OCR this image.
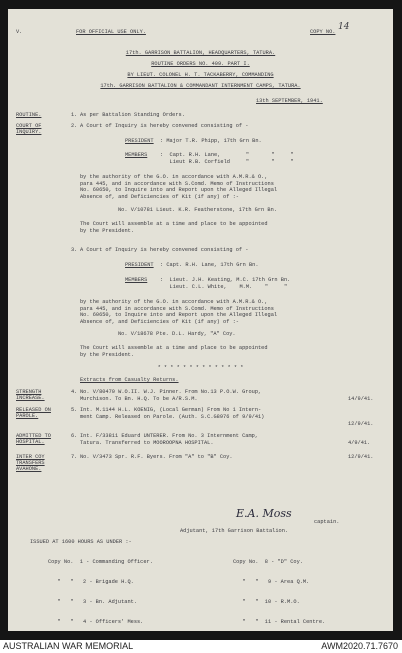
V.	FOR OFFICIAL USE ONLY.	COPY NO. 14
17th. GARRISON BATTALION, HEADQUARTERS, TATURA.
ROUTINE ORDERS NO. 409. PART I.
BY LIEUT. COLONEL H. T. TACKABERRY, COMMANDING
17th. GARRISON BATTALION & COMMANDANT INTERNMENT CAMPS, TATURA.
13th SEPTEMBER, 1941.
ROUTINE.	1. As per Battalion Standing Orders.
COURT OF
INQUIRY.
2. A Court of Inquiry is hereby convened consisting of -
PRESIDENT : Major T.R. Phipp, 17th Grn Bn.
MEMBERS :  Capt. R.H. Lane,        "       "     "
Lieut R.B. Corfield     "       "     "
by the authority of the G.O. in accordance with A.M.R.& O.,
para 445, and in accordance with S.Comd. Memo of Instructions
No. 60650, to Inquire into and Report upon the Alleged Illegal
Absence of, and Deficiencies of Kit (if any) of :-
No. V/10781 Lieut. K.R. Featherstone, 17th Grn Bn.
The Court will assemble at a time and place to be appointed
by the President.
3. A Court of Inquiry is hereby convened consisting of -
PRESIDENT : Capt. R.H. Lane, 17th Grn Bn.
MEMBERS :  Lieut. J.H. Keating, M.C. 17th Grn Bn.
Lieut. C.L. White,    M.M.    "     "
by the authority of the G.O. in accordance with A.M.R.& O.,
para 445, and in accordance with S.Comd. Memo of Instructions
No. 60650, to Inquire into and Report upon the Alleged Illegal
Absence of, and Deficiencies of Kit (if any) of :-
No. V/18678 Pte. D.L. Hardy, "A" Coy.
The Court will assemble at a time and place to be appointed
by the President.
* * * * * * * * * * * * * *
Extracts from Casualty Returns.
STRENGTH
INCREASE.
4. No. V/80470 W.O.II. W.J. Pinner. From No.13 P.O.W. Group,
Murchison. To Bn. H.Q. To be A/R.S.M.	14/9/41.
RELEASED ON
PAROLE.
5. Int. M.1144 H.L. KOENIG, (Local German) From No 1 Intern-
ment Camp. Released on Parole. (Auth. S.C.G8976 of 9/9/41)
12/9/41.
ADMITTED TO
HOSPITAL.
6. Int. F/33811 Eduard UNTERER. From No. 3 Internment Camp,
Tatura. Transferred to MOOROOPNA HOSPITAL.	4/9/41.
INTER COY
TRANSFERS
AVAHONE.
7. No. V/3473 Spr. R.F. Byers. From "A" to "B" Coy.	12/9/41.
E.A. Moss
captain.
Adjutant, 17th Garrison Battalion.
ISSUED AT 1600 HOURS AS UNDER :-

Copy No.  1 - Commanding Officer.

"   "   2 - Brigade H.Q.

"   "   3 - Bn. Adjutant.

"   "   4 - Officers' Mess.

Copy No.  8 - "D" Coy.

"   "   9 - Area Q.M.

"   "  10 - R.M.O.

"   "  11 - Rental Centre.

AUSTRALIAN WAR MEMORIAL	AWM2020.71.7670
